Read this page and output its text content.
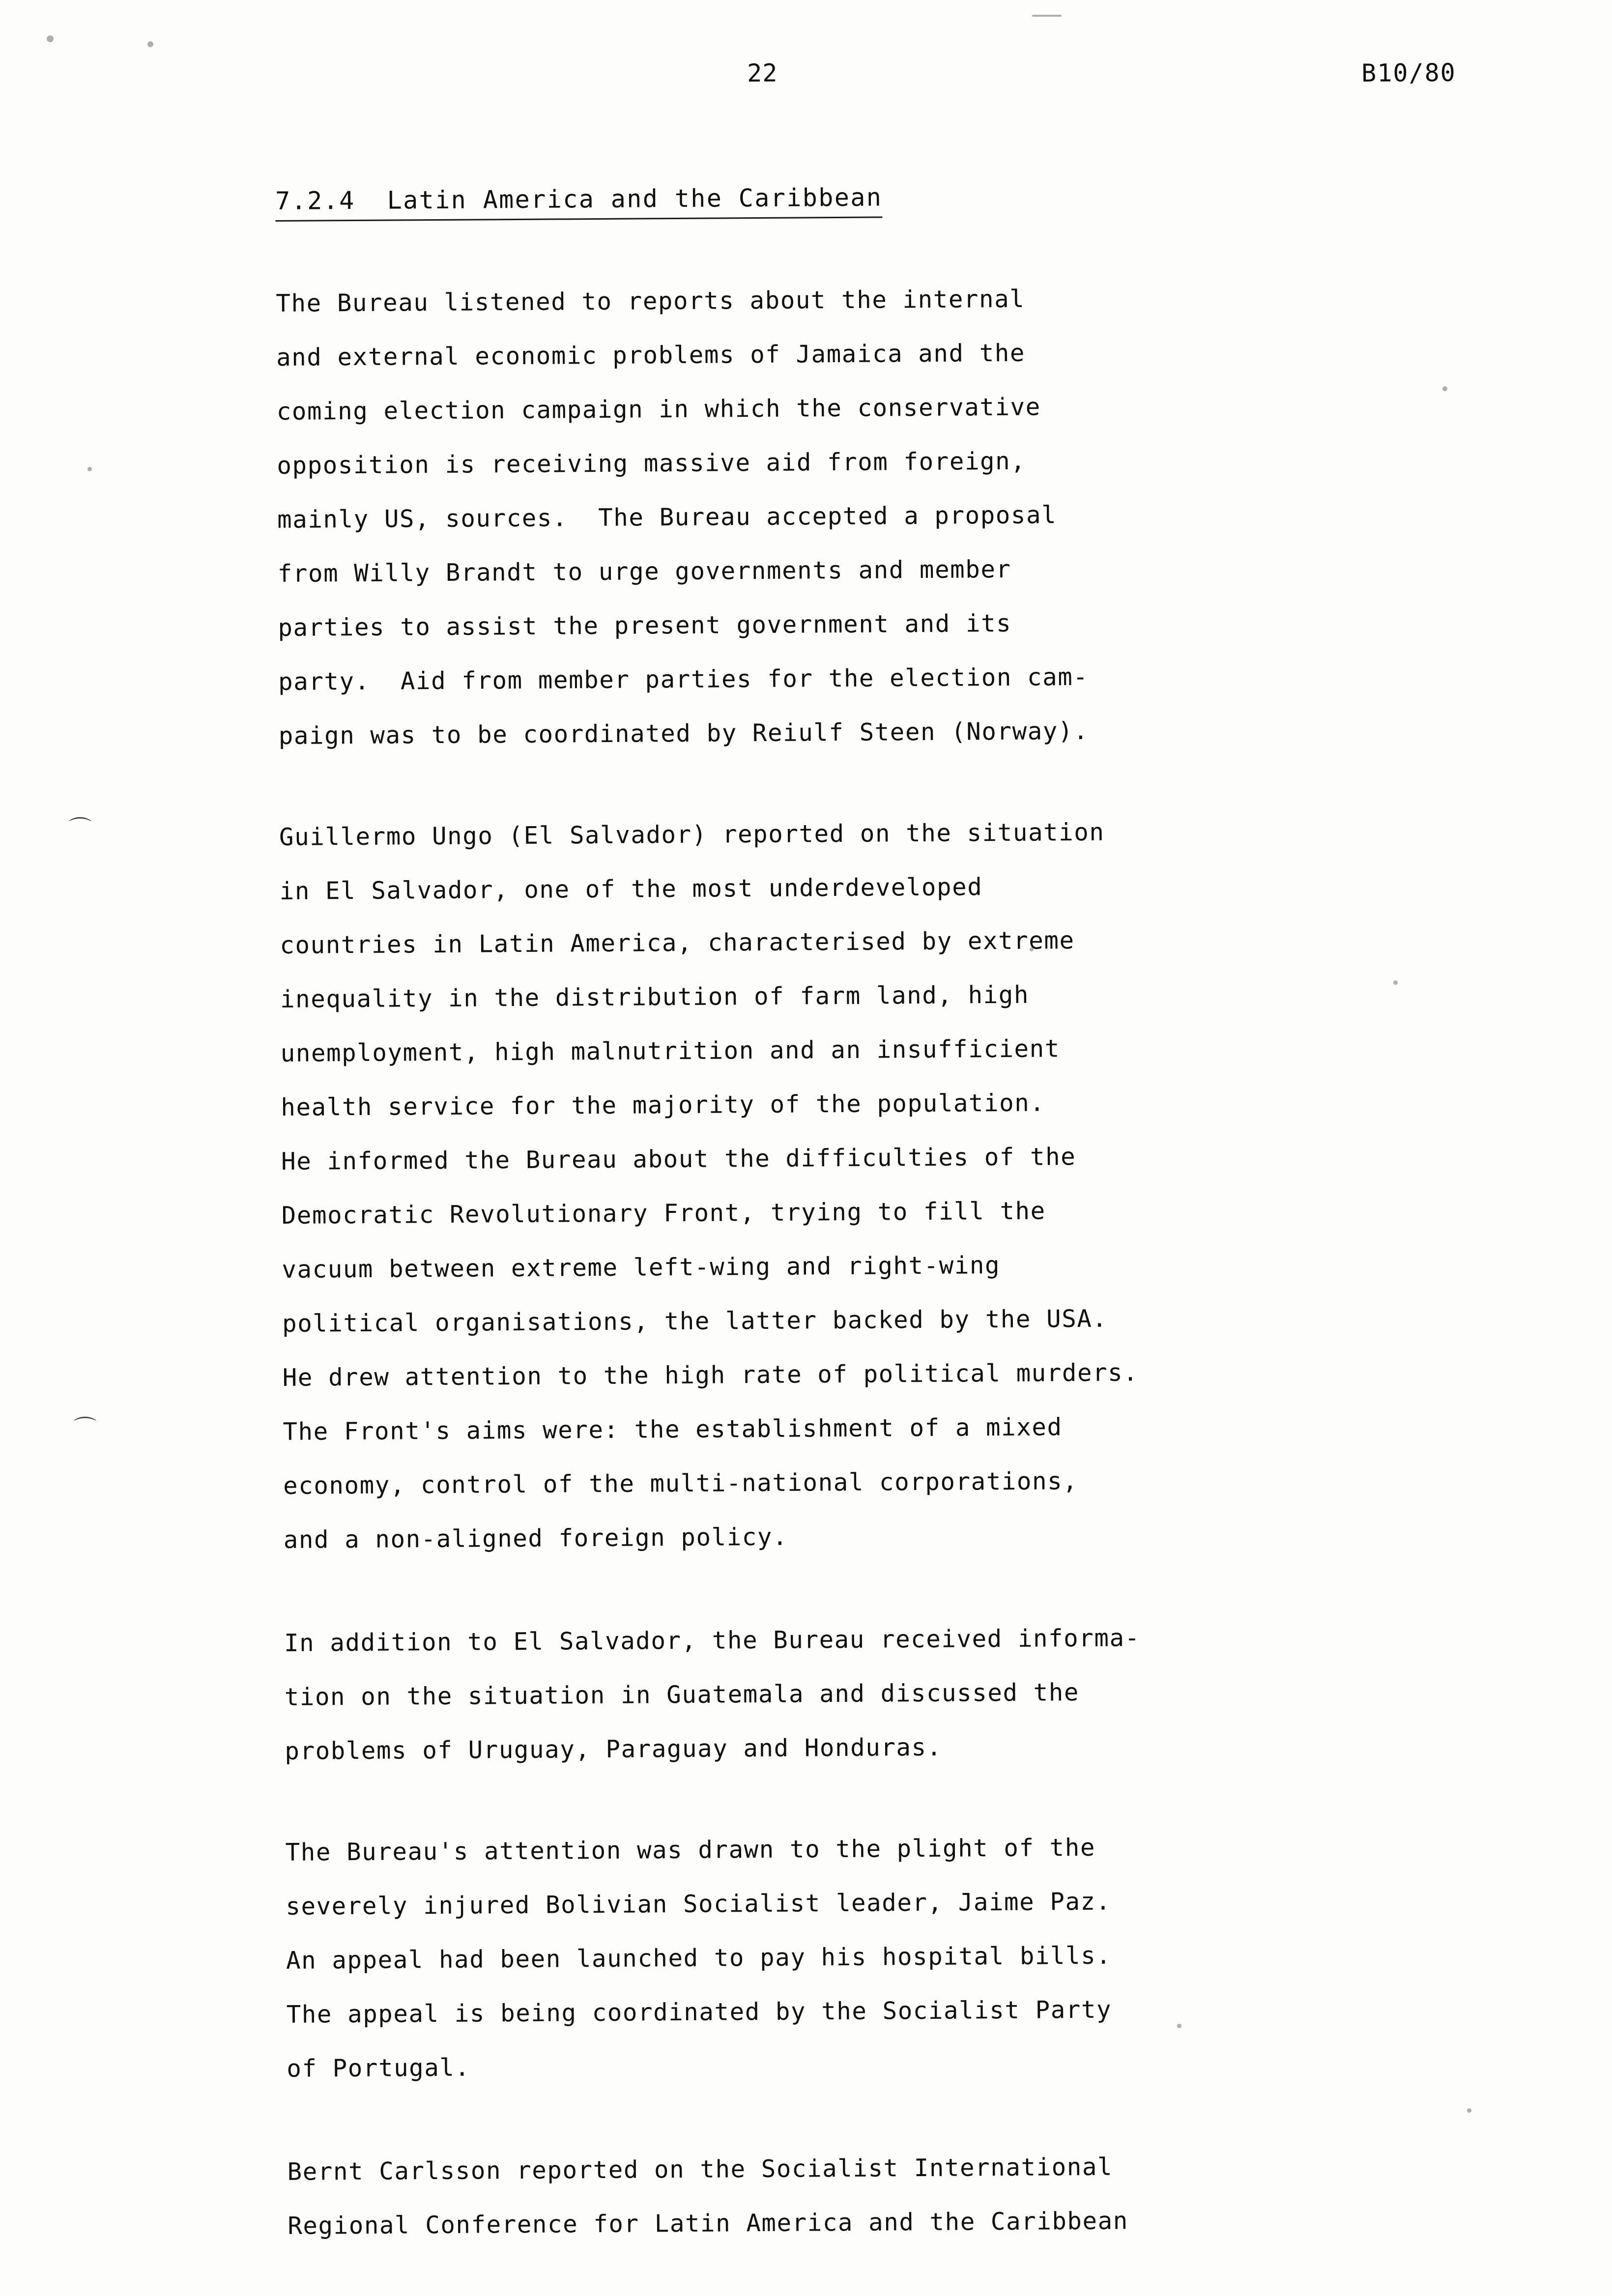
⌒
⌒
22	B10/80
7.2.4  Latin America and the Caribbean

The Bureau listened to reports about the internal
and external economic problems of Jamaica and the
coming election campaign in which the conservative
opposition is receiving massive aid from foreign,
mainly US, sources.  The Bureau accepted a proposal
from Willy Brandt to urge governments and member
parties to assist the present government and its
party.  Aid from member parties for the election cam-
paign was to be coordinated by Reiulf Steen (Norway).

Guillermo Ungo (El Salvador) reported on the situation
in El Salvador, one of the most underdeveloped
countries in Latin America, characterised by extreme
inequality in the distribution of farm land, high
unemployment, high malnutrition and an insufficient
health service for the majority of the population.
He informed the Bureau about the difficulties of the
Democratic Revolutionary Front, trying to fill the
vacuum between extreme left-wing and right-wing
political organisations, the latter backed by the USA.
He drew attention to the high rate of political murders.
The Front's aims were: the establishment of a mixed
economy, control of the multi-national corporations,
and a non-aligned foreign policy.

In addition to El Salvador, the Bureau received informa-
tion on the situation in Guatemala and discussed the
problems of Uruguay, Paraguay and Honduras.

The Bureau's attention was drawn to the plight of the
severely injured Bolivian Socialist leader, Jaime Paz.
An appeal had been launched to pay his hospital bills.
The appeal is being coordinated by the Socialist Party
of Portugal.

Bernt Carlsson reported on the Socialist International
Regional Conference for Latin America and the Caribbean
